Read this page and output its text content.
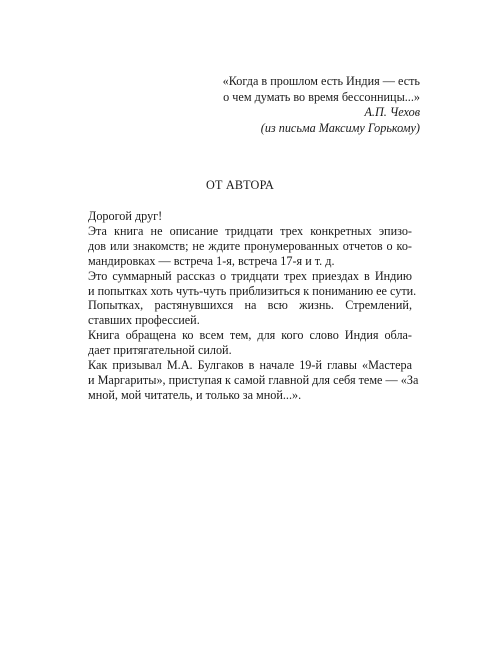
«Когда в прошлом есть Индия — есть
о чем думать во время бессонницы...»
А.П. Чехов
(из письма Максиму Горькому)
ОТ АВТОРА

Дорогой друг!

Эта книга не описание тридцати трех конкретных эпизо-
дов или знакомств; не ждите пронумерованных отчетов о ко-
мандировках — встреча 1-я, встреча 17-я и т. д.

Это суммарный рассказ о тридцати трех приездах в Индию
и попытках хоть чуть-чуть приблизиться к пониманию ее сути.

Попытках, растянувшихся на всю жизнь. Стремлений,
ставших профессией.

Книга обращена ко всем тем, для кого слово Индия обла-
дает притягательной силой.

Как призывал М.А. Булгаков в начале 19-й главы «Мастера
и Маргариты», приступая к самой главной для себя теме — «За
мной, мой читатель, и только за мной...».
